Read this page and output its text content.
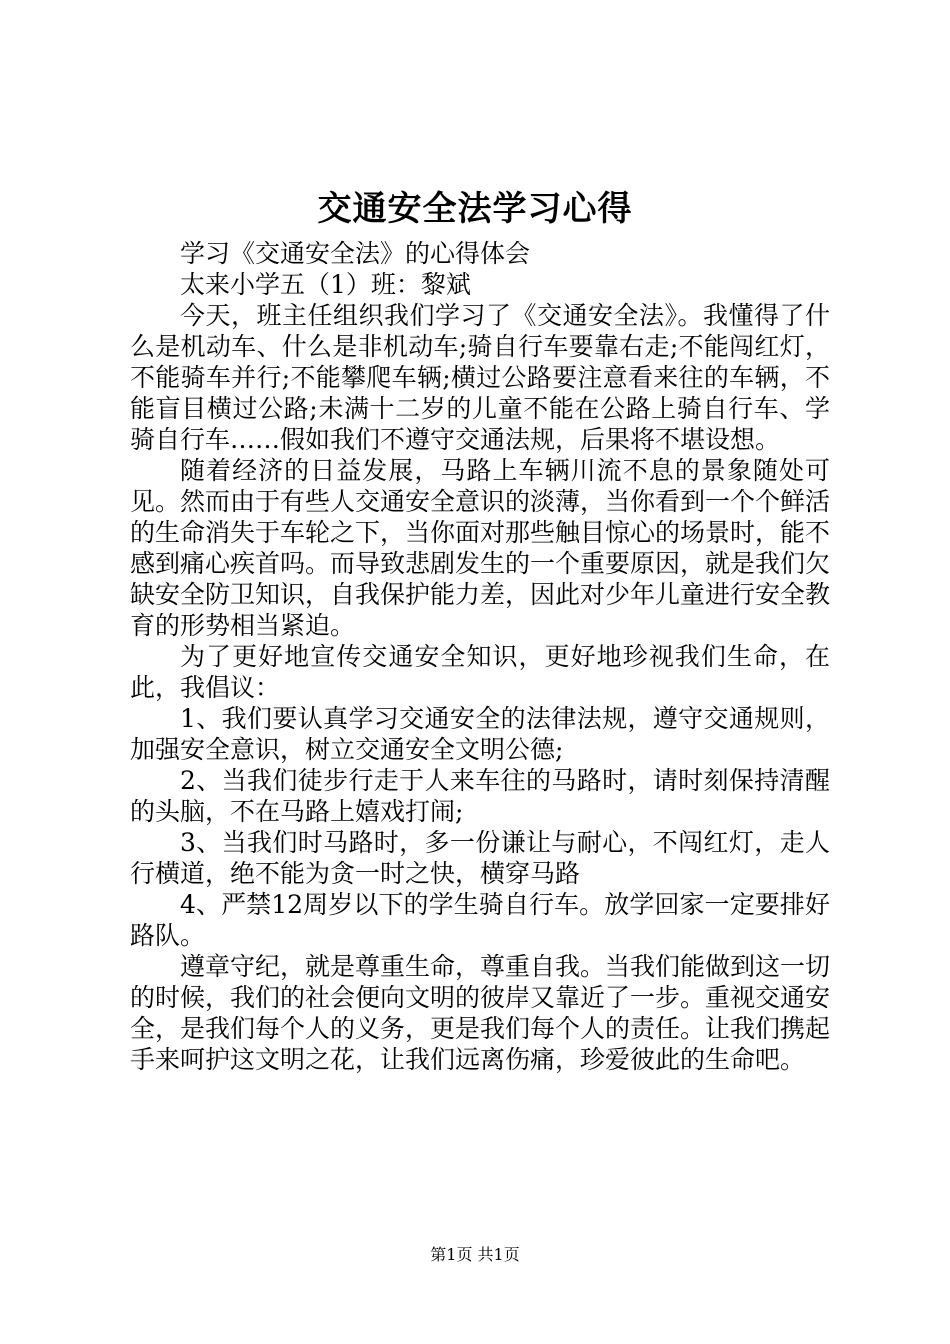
交通安全法学习心得

学习《交通安全法》的心得体会

太来小学五（1）班：黎斌

今天，班主任组织我们学习了《交通安全法》。我懂得了什么是机动车、什么是非机动车;骑自行车要靠右走;不能闯红灯，不能骑车并行;不能攀爬车辆;横过公路要注意看来往的车辆，不能盲目横过公路;未满十二岁的儿童不能在公路上骑自行车、学骑自行车……假如我们不遵守交通法规，后果将不堪设想。

随着经济的日益发展，马路上车辆川流不息的景象随处可见。然而由于有些人交通安全意识的淡薄，当你看到一个个鲜活的生命消失于车轮之下，当你面对那些触目惊心的场景时，能不感到痛心疾首吗。而导致悲剧发生的一个重要原因，就是我们欠缺安全防卫知识，自我保护能力差，因此对少年儿童进行安全教育的形势相当紧迫。

为了更好地宣传交通安全知识，更好地珍视我们生命，在此，我倡议：

1、我们要认真学习交通安全的法律法规，遵守交通规则，加强安全意识，树立交通安全文明公德;

2、当我们徒步行走于人来车往的马路时，请时刻保持清醒的头脑，不在马路上嬉戏打闹;

3、当我们时马路时，多一份谦让与耐心，不闯红灯，走人行横道，绝不能为贪一时之快，横穿马路

4、严禁12周岁以下的学生骑自行车。放学回家一定要排好路队。

遵章守纪，就是尊重生命，尊重自我。当我们能做到这一切的时候，我们的社会便向文明的彼岸又靠近了一步。重视交通安全，是我们每个人的义务，更是我们每个人的责任。让我们携起手来呵护这文明之花，让我们远离伤痛，珍爱彼此的生命吧。

第1页 共1页
